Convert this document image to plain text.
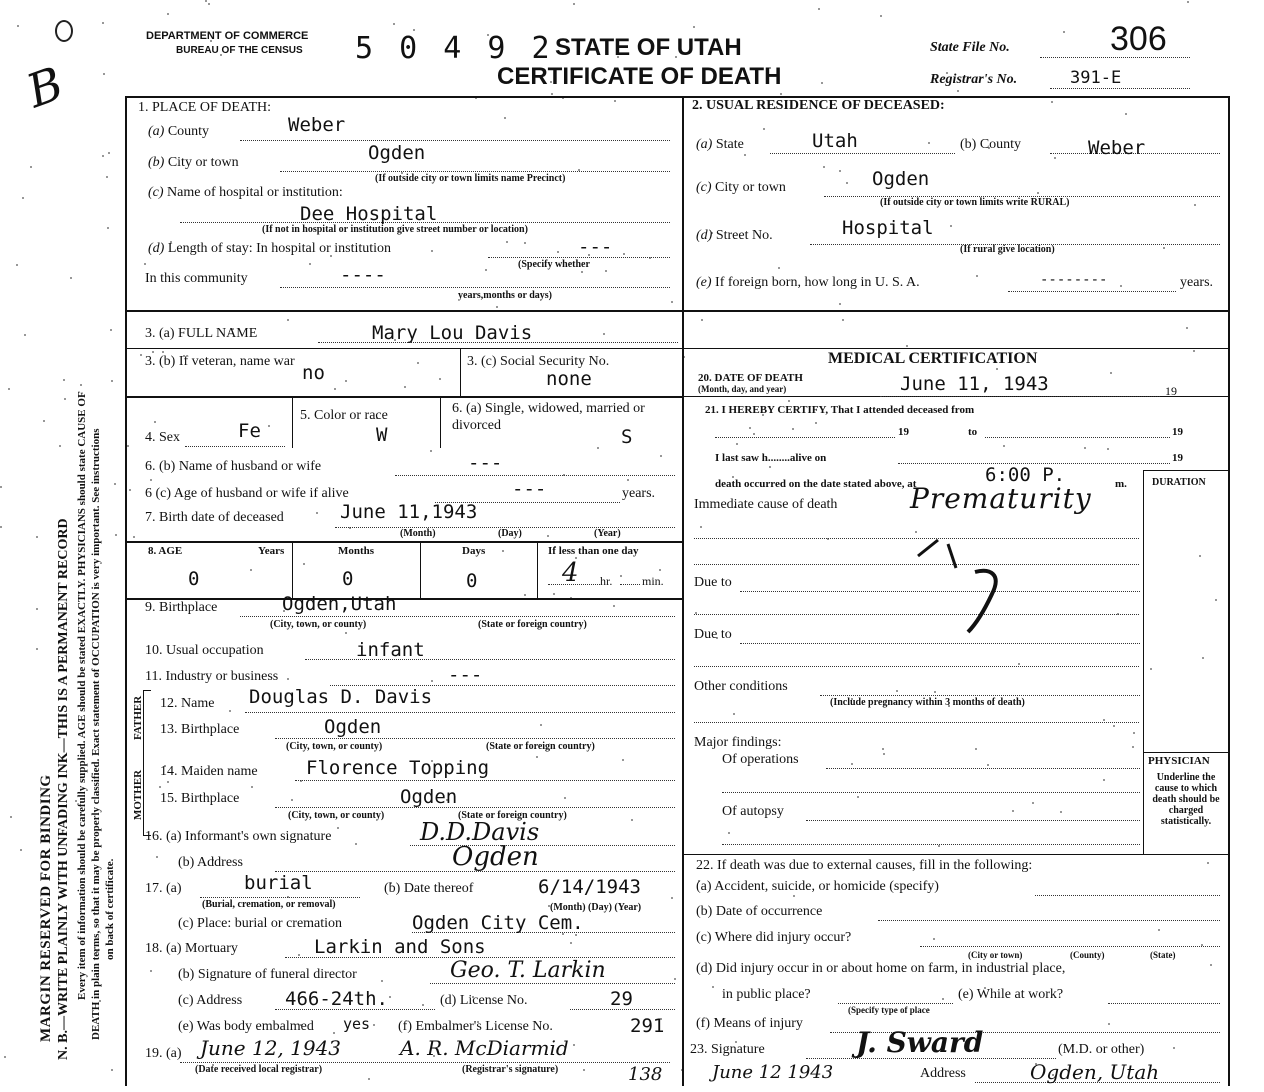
B
MARGIN RESERVED FOR BINDING N. B.—WRITE PLAINLY WITH UNFADING INK—THIS IS A PERMANENT RECORD Every item of information should be carefully supplied. AGE should be stated EXACTLY. PHYSICIANS should state CAUSE OF DEATH in plain terms, so that it may be properly classified. Exact statement of OCCUPATION is very important. See instructions on back of certificate.
DEPARTMENT OF COMMERCE
BUREAU OF THE CENSUS 5 0 4 9 2 STATE OF UTAH
CERTIFICATE OF DEATH
State File No.	306
Registrar's No.	391-E
1. PLACE OF DEATH:
(a) County	Weber
(b) City or town	Ogden
(If outside city or town limits name Precinct)
(c) Name of hospital or institution:
Dee Hospital
(If not in hospital or institution give street number or location)
(d) Length of stay: In hospital or institution	---
(Specify whether
In this community	----
years,months or days)
2. USUAL RESIDENCE OF DECEASED:
(a) State	Utah	(b) County	Weber
(c) City or town	Ogden
(If outside city or town limits write RURAL)
(d) Street No.	Hospital
(If rural give location)
(e) If foreign born, how long in U. S. A.	--------	years.
3. (a) FULL NAME	Mary Lou Davis
3. (b) If veteran, name war
no
3. (c) Social Security No.
none
4. Sex	Fe
5. Color or race
W
6. (a) Single, widowed, married or divorced
S
6. (b) Name of husband or wife	---
6 (c) Age of husband or wife if alive	---	years.
7. Birth date of deceased	June 11,1943
(Month)	(Day)	(Year)
8. AGE	Years	Months	Days	If less than one day
0	0	0	4 hr. min.
9. Birthplace	Ogden,Utah
(City, town, or county)	(State or foreign country)
10. Usual occupation	infant
11. Industry or business	---
FATHER
MOTHER
12. Name Douglas D. Davis
13. Birthplace	Ogden
(City, town, or county)	(State or foreign country)
14. Maiden name	Florence Topping
15. Birthplace	Ogden
(City, town, or county)	(State or foreign country)
16. (a) Informant's own signature	D.D.Davis
(b) Address	Ogden
17. (a)	burial	(b) Date thereof	6/14/1943
(Burial, cremation, or removal)	(Month) (Day) (Year)
(c) Place: burial or cremation	Ogden City Cem.
18. (a) Mortuary	Larkin and Sons
(b) Signature of funeral director	Geo. T. Larkin
(c) Address 466-24th.	(d) License No.	29
(e) Was body embalmed yes (f) Embalmer's License No.	291
19. (a) June 12, 1943	A. R. McDiarmid
(Date received local registrar)	(Registrar's signature)	138
MEDICAL CERTIFICATION
20. DATE OF DEATH
(Month, day, and year)	June 11, 1943	19
21. I HEREBY CERTIFY, That I attended deceased from
19	to	19
I last saw h........alive on	19
death occurred on the date stated above, at	6:00 P.	m.	DURATION
Immediate cause of death	Prematurity
Due to
Due to
Other conditions
(Include pregnancy within 3 months of death)
Major findings:
Of operations
Of autopsy
PHYSICIAN
Underline the cause to which death should be charged statistically.
22. If death was due to external causes, fill in the following:
(a) Accident, suicide, or homicide (specify)
(b) Date of occurrence
(c) Where did injury occur?
(City or town)	(County)	(State)
(d) Did injury occur in or about home on farm, in industrial place,
in public place?
(Specify type of place
(e) While at work?
(f) Means of injury
23. Signature	J. Sward	(M.D. or other)
June 12 1943	Address	Ogden, Utah
